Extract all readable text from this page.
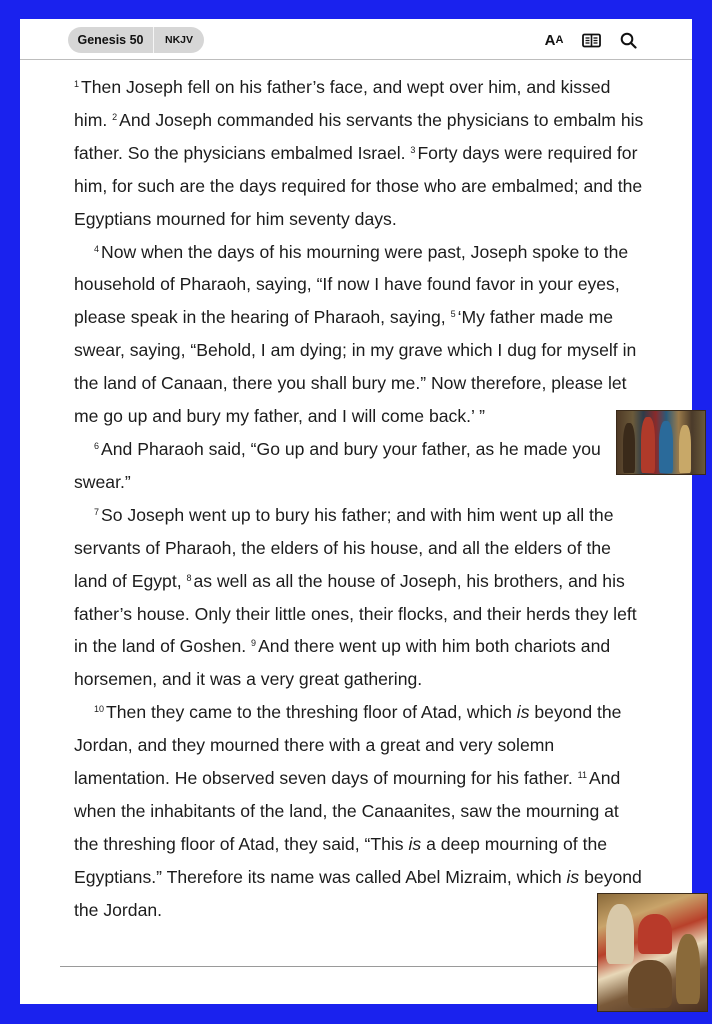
Genesis 50	NKJV	A A

$^1$ Then Joseph fell on his father’s face, and wept over him, and kissed him. $^2$ And Joseph commanded his servants the physicians to embalm his father. So the physicians embalmed Israel. $^3$ Forty days were required for him, for such are the days required for those who are embalmed; and the Egyptians mourned for him seventy days.

$^4$ Now when the days of his mourning were past, Joseph spoke to the household of Pharaoh, saying, “If now I have found favor in your eyes, please speak in the hearing of Pharaoh, saying, $^5$ ‘My father made me swear, saying, “Behold, I am dying; in my grave which I dug for myself in the land of Canaan, there you shall bury me.” Now therefore, please let me go up and bury my father, and I will come back.’ ”

$^6$ And Pharaoh said, “Go up and bury your father, as he made you swear.”

$^7$ So Joseph went up to bury his father; and with him went up all the servants of Pharaoh, the elders of his house, and all the elders of the land of Egypt, $^8$ as well as all the house of Joseph, his brothers, and his father’s house. Only their little ones, their flocks, and their herds they left in the land of Goshen. $^9$ And there went up with him both chariots and horsemen, and it was a very great gathering.

$^{10}$ Then they came to the threshing floor of Atad, which is beyond the Jordan, and they mourned there with a great and very solemn lamentation. He observed seven days of mourning for his father. $^{11}$ And when the inhabitants of the land, the Canaanites, saw the mourning at the threshing floor of Atad, they said, “This is a deep mourning of the Egyptians.” Therefore its name was called Abel Mizraim, which is beyond the Jordan.
